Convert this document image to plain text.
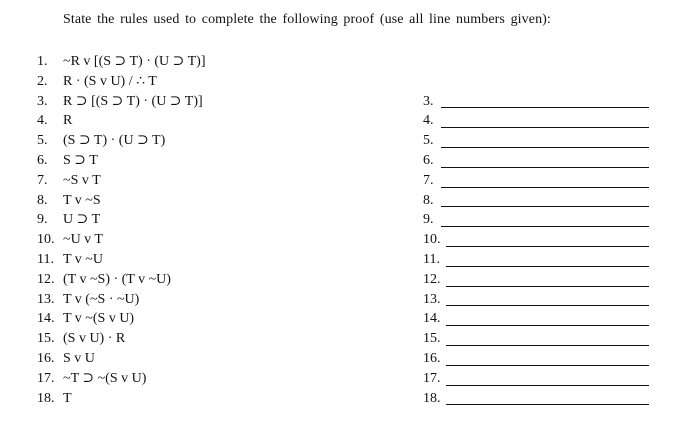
State the rules used to complete the following proof (use all line numbers given):
1.	~R v [(S ⊃ T) · (U ⊃ T)]
2.	R · (S v U) / ∴ T
3.	R ⊃ [(S ⊃ T) · (U ⊃ T)]	3.
4.	R	4.
5.	(S ⊃ T) · (U ⊃ T)	5.
6.	S ⊃ T	6.
7.	~S v T	7.
8.	T v ~S	8.
9.	U ⊃ T	9.
10. ~U v T	10.
11. T v ~U	11.
12. (T v ~S) · (T v ~U)	12.
13. T v (~S · ~U)	13.
14. T v ~(S v U)	14.
15. (S v U) · R	15.
16. S v U	16.
17. ~T ⊃ ~(S v U)	17.
18. T	18.
